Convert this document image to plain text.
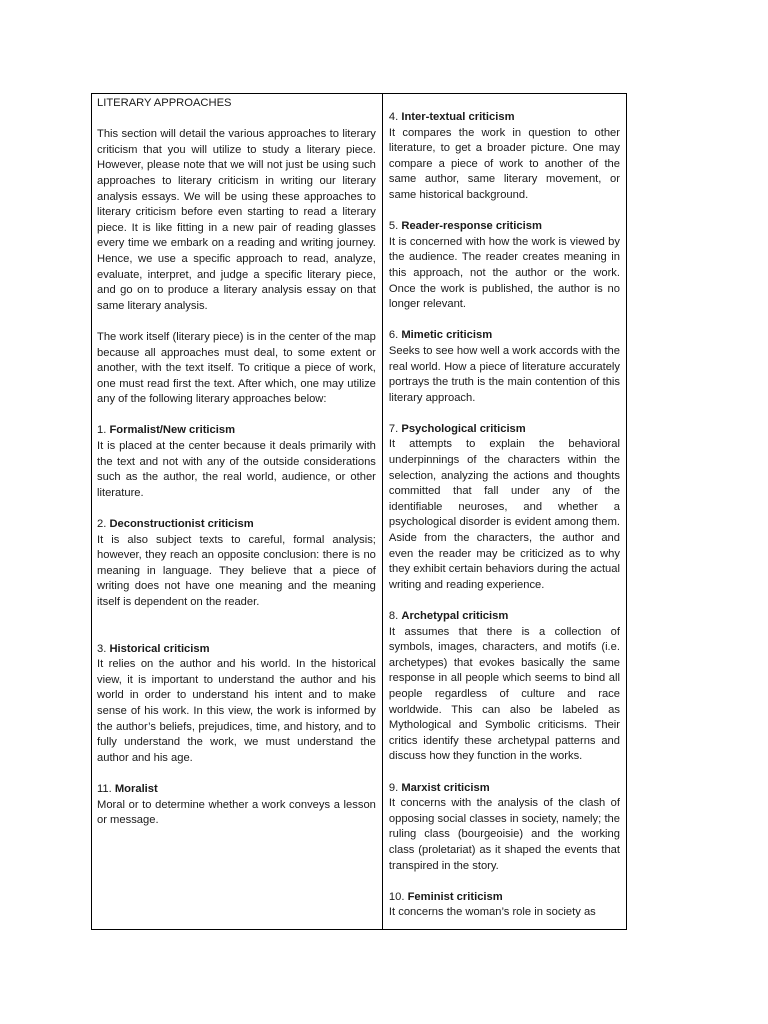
LITERARY APPROACHES

This section will detail the various approaches to literary criticism that you will utilize to study a literary piece. However, please note that we will not just be using such approaches to literary criticism in writing our literary analysis essays. We will be using these approaches to literary criticism before even starting to read a literary piece. It is like fitting in a new pair of reading glasses every time we embark on a reading and writing journey. Hence, we use a specific approach to read, analyze, evaluate, interpret, and judge a specific literary piece, and go on to produce a literary analysis essay on that same literary analysis.

The work itself (literary piece) is in the center of the map because all approaches must deal, to some extent or another, with the text itself. To critique a piece of work, one must read first the text. After which, one may utilize any of the following literary approaches below:

1. Formalist/New criticism

It is placed at the center because it deals primarily with the text and not with any of the outside considerations such as the author, the real world, audience, or other literature.

2. Deconstructionist criticism

It is also subject texts to careful, formal analysis; however, they reach an opposite conclusion: there is no meaning in language. They believe that a piece of writing does not have one meaning and the meaning itself is dependent on the reader.

3. Historical criticism

It relies on the author and his world. In the historical view, it is important to understand the author and his world in order to understand his intent and to make sense of his work. In this view, the work is informed by the author’s beliefs, prejudices, time, and history, and to fully understand the work, we must understand the author and his age.

11. Moralist

Moral or to determine whether a work conveys a lesson or message.

4. Inter-textual criticism

It compares the work in question to other literature, to get a broader picture. One may compare a piece of work to another of the same author, same literary movement, or same historical background.

5. Reader-response criticism

It is concerned with how the work is viewed by the audience. The reader creates meaning in this approach, not the author or the work. Once the work is published, the author is no longer relevant.

6. Mimetic criticism

Seeks to see how well a work accords with the real world. How a piece of literature accurately portrays the truth is the main contention of this literary approach.

7. Psychological criticism

It attempts to explain the behavioral underpinnings of the characters within the selection, analyzing the actions and thoughts committed that fall under any of the identifiable neuroses, and whether a psychological disorder is evident among them. Aside from the characters, the author and even the reader may be criticized as to why they exhibit certain behaviors during the actual writing and reading experience.

8. Archetypal criticism

It assumes that there is a collection of symbols, images, characters, and motifs (i.e. archetypes) that evokes basically the same response in all people which seems to bind all people regardless of culture and race worldwide. This can also be labeled as Mythological and Symbolic criticisms. Their critics identify these archetypal patterns and discuss how they function in the works.

9. Marxist criticism

It concerns with the analysis of the clash of opposing social classes in society, namely; the ruling class (bourgeoisie) and the working class (proletariat) as it shaped the events that transpired in the story.

10. Feminist criticism

It concerns the woman’s role in society as
